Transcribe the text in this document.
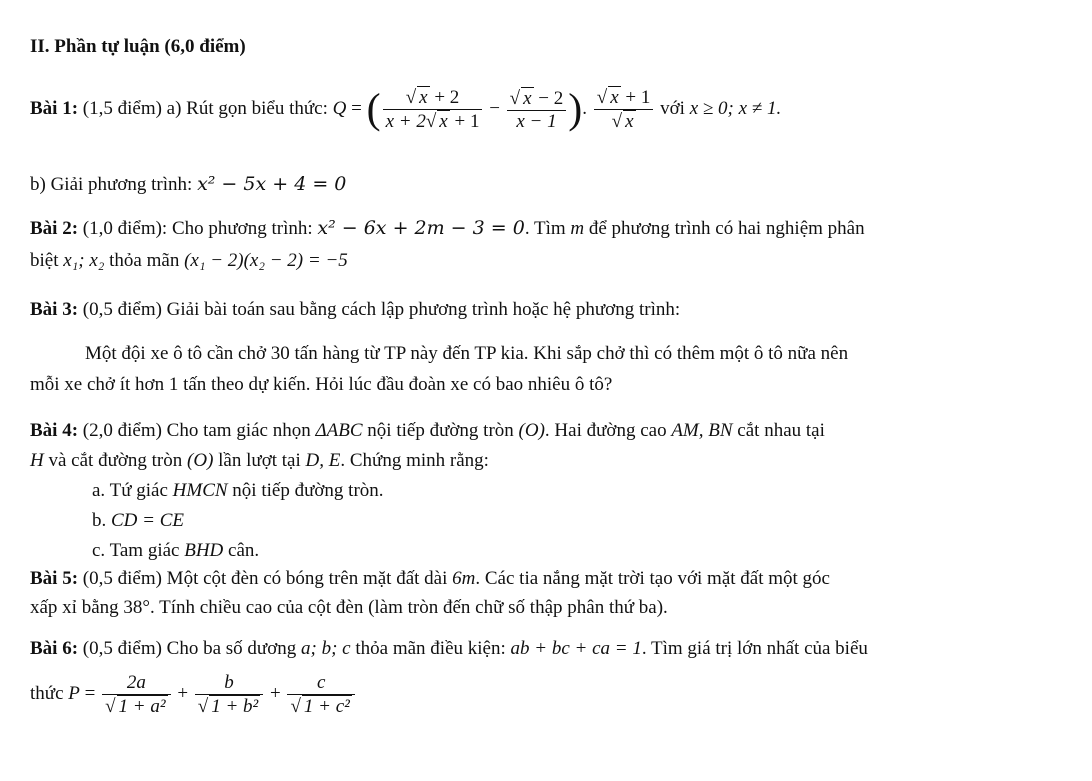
II. Phần tự luận (6,0 điểm)
Bài 1: (1,5 điểm) a) Rút gọn biểu thức: Q = ( $\frac{√ x + 2}{x + 2√ x + 1} - \frac{√ x - 2}{x - 1}$ ). $\frac{√ x + 1}{√ x}$ với x ≥ 0; x ≠ 1.
b) Giải phương trình: x² − 5x + 4 = 0
Bài 2: (1,0 điểm): Cho phương trình: x² − 6x + 2m − 3 = 0. Tìm m để phương trình có hai nghiệm phân
biệt x₁; x₂ thỏa mãn (x₁ − 2)(x₂ − 2) = −5
Bài 3: (0,5 điểm) Giải bài toán sau bằng cách lập phương trình hoặc hệ phương trình:
Một đội xe ô tô cần chở 30 tấn hàng từ TP này đến TP kia. Khi sắp chở thì có thêm một ô tô nữa nên
mỗi xe chở ít hơn 1 tấn theo dự kiến. Hỏi lúc đầu đoàn xe có bao nhiêu ô tô?
Bài 4: (2,0 điểm) Cho tam giác nhọn ΔABC nội tiếp đường tròn (O). Hai đường cao AM, BN cắt nhau tại
H và cắt đường tròn (O) lần lượt tại D, E. Chứng minh rằng:
a. Tứ giác HMCN nội tiếp đường tròn.
b. CD = CE
c. Tam giác BHD cân.
Bài 5: (0,5 điểm) Một cột đèn có bóng trên mặt đất dài 6m. Các tia nắng mặt trời tạo với mặt đất một góc
xấp xỉ bằng 38°. Tính chiều cao của cột đèn (làm tròn đến chữ số thập phân thứ ba).
Bài 6: (0,5 điểm) Cho ba số dương a; b; c thỏa mãn điều kiện: ab + bc + ca = 1. Tìm giá trị lớn nhất của biểu
thức $P = \frac{2a}{\text{√ 1 + a²}} + \frac{b}{\text{√ 1 + b²}} + \frac{c}{\text{√ 1 + c²}}$
